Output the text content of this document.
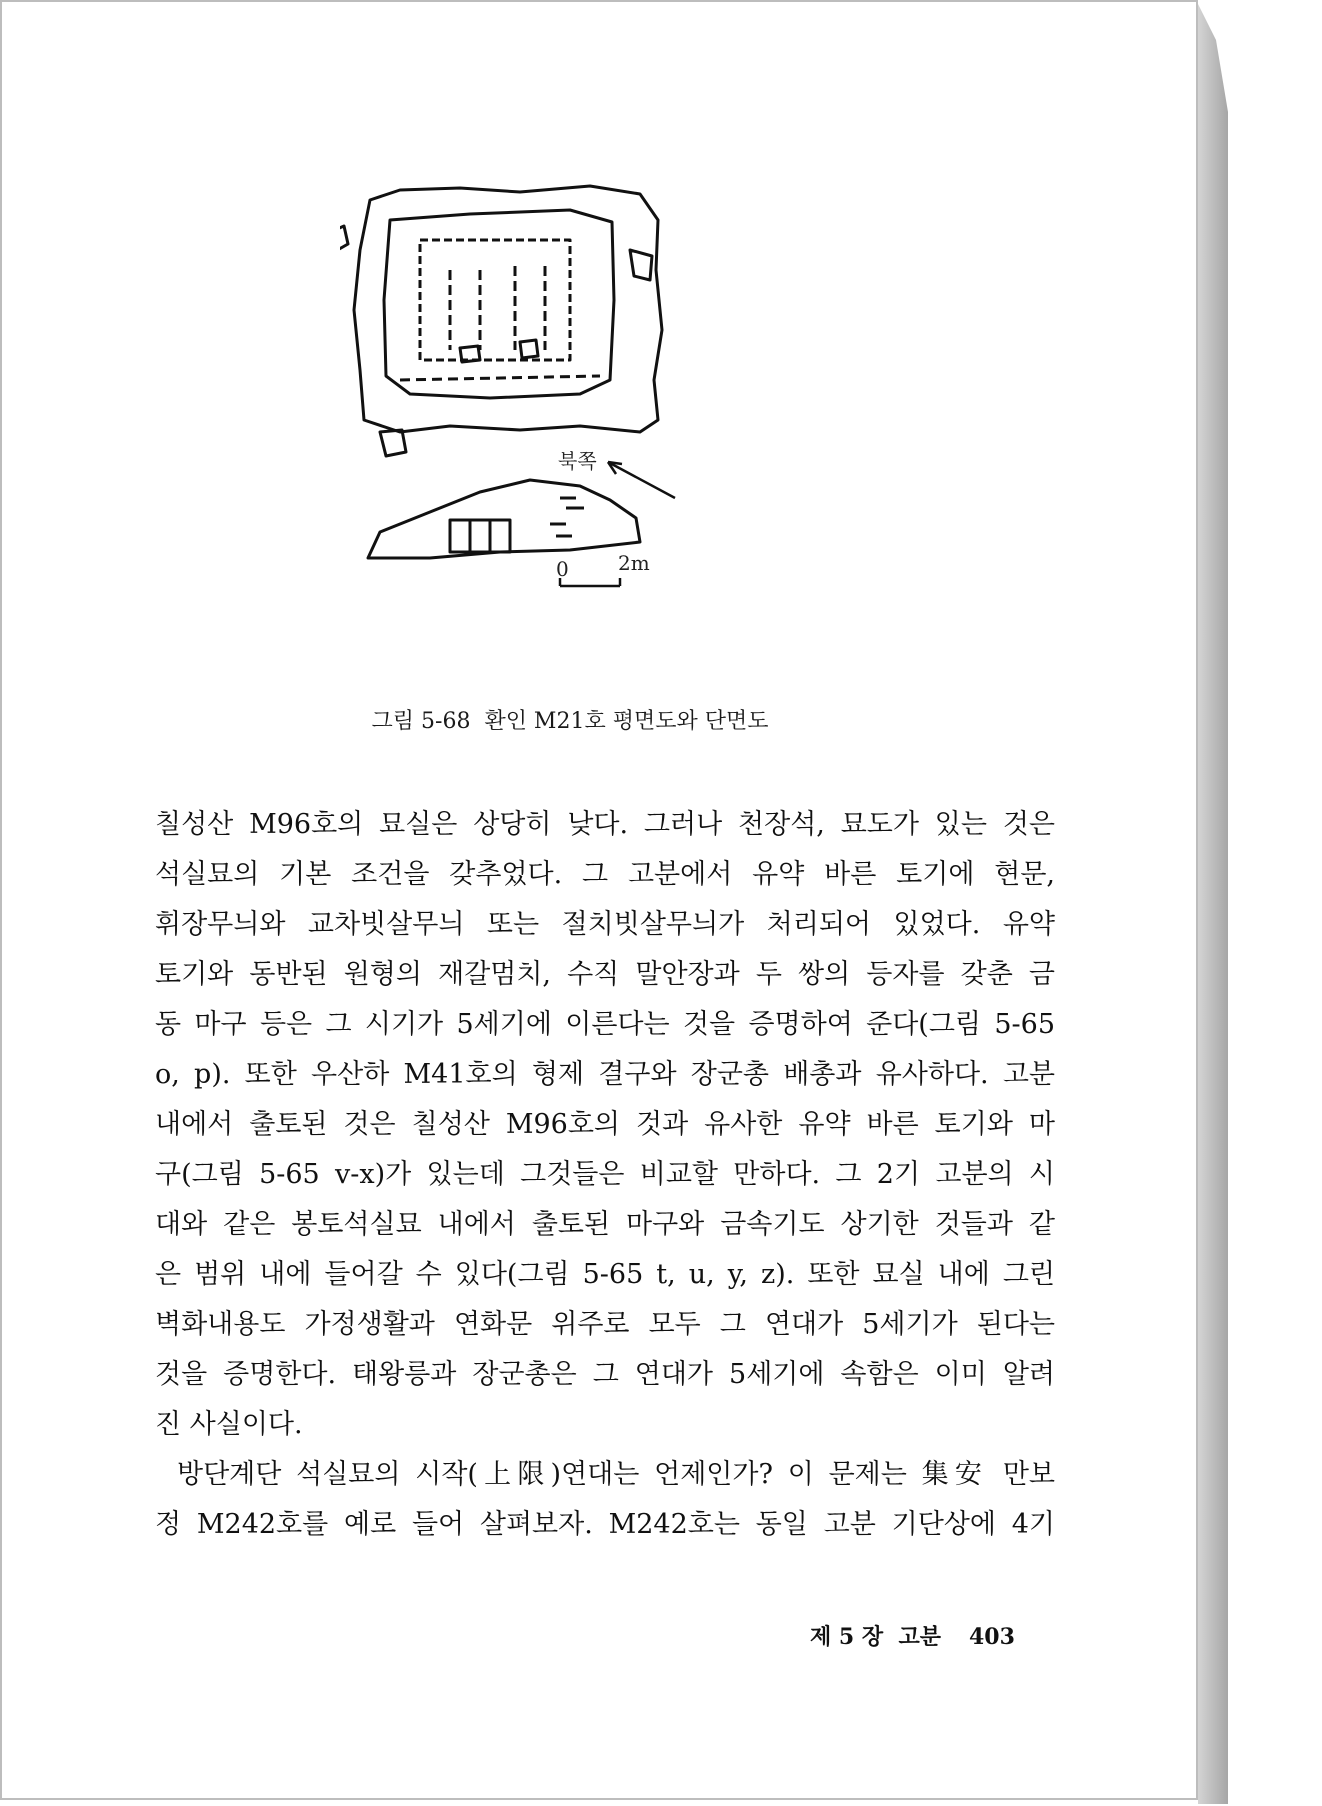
북쪽
0 2m
그림 5-68  환인 M21호 평면도와 단면도
칠성산 M96호의 묘실은 상당히 낮다. 그러나 천장석, 묘도가 있는 것은
석실묘의 기본 조건을 갖추었다. 그 고분에서 유약 바른 토기에 현문,
휘장무늬와 교차빗살무늬 또는 절치빗살무늬가 처리되어 있었다. 유약
토기와 동반된 원형의 재갈멈치, 수직 말안장과 두 쌍의 등자를 갖춘 금
동 마구 등은 그 시기가 5세기에 이른다는 것을 증명하여 준다(그림 5-65
o, p). 또한 우산하 M41호의 형제 결구와 장군총 배총과 유사하다. 고분
내에서 출토된 것은 칠성산 M96호의 것과 유사한 유약 바른 토기와 마
구(그림 5-65 v-x)가 있는데 그것들은 비교할 만하다. 그 2기 고분의 시
대와 같은 봉토석실묘 내에서 출토된 마구와 금속기도 상기한 것들과 같
은 범위 내에 들어갈 수 있다(그림 5-65 t, u, y, z). 또한 묘실 내에 그린
벽화내용도 가정생활과 연화문 위주로 모두 그 연대가 5세기가 된다는
것을 증명한다. 태왕릉과 장군총은 그 연대가 5세기에 속함은 이미 알려
진 사실이다.
방단계단 석실묘의 시작(上限)연대는 언제인가? 이 문제는 集安 만보
정 M242호를 예로 들어 살펴보자. M242호는 동일 고분 기단상에 4기
제 5 장  고분 403
